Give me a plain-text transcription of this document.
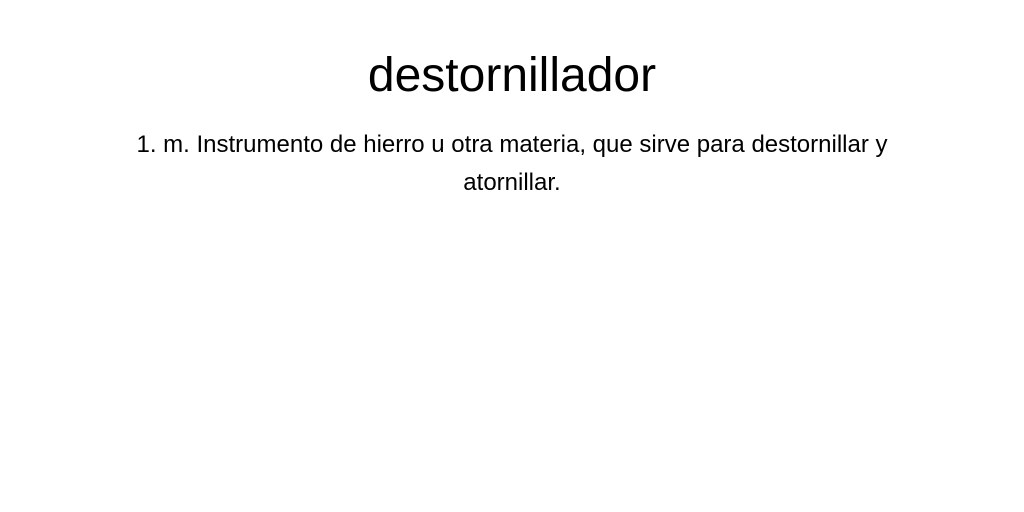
destornillador

1. m. Instrumento de hierro u otra materia, que sirve para destornillar y atornillar.
